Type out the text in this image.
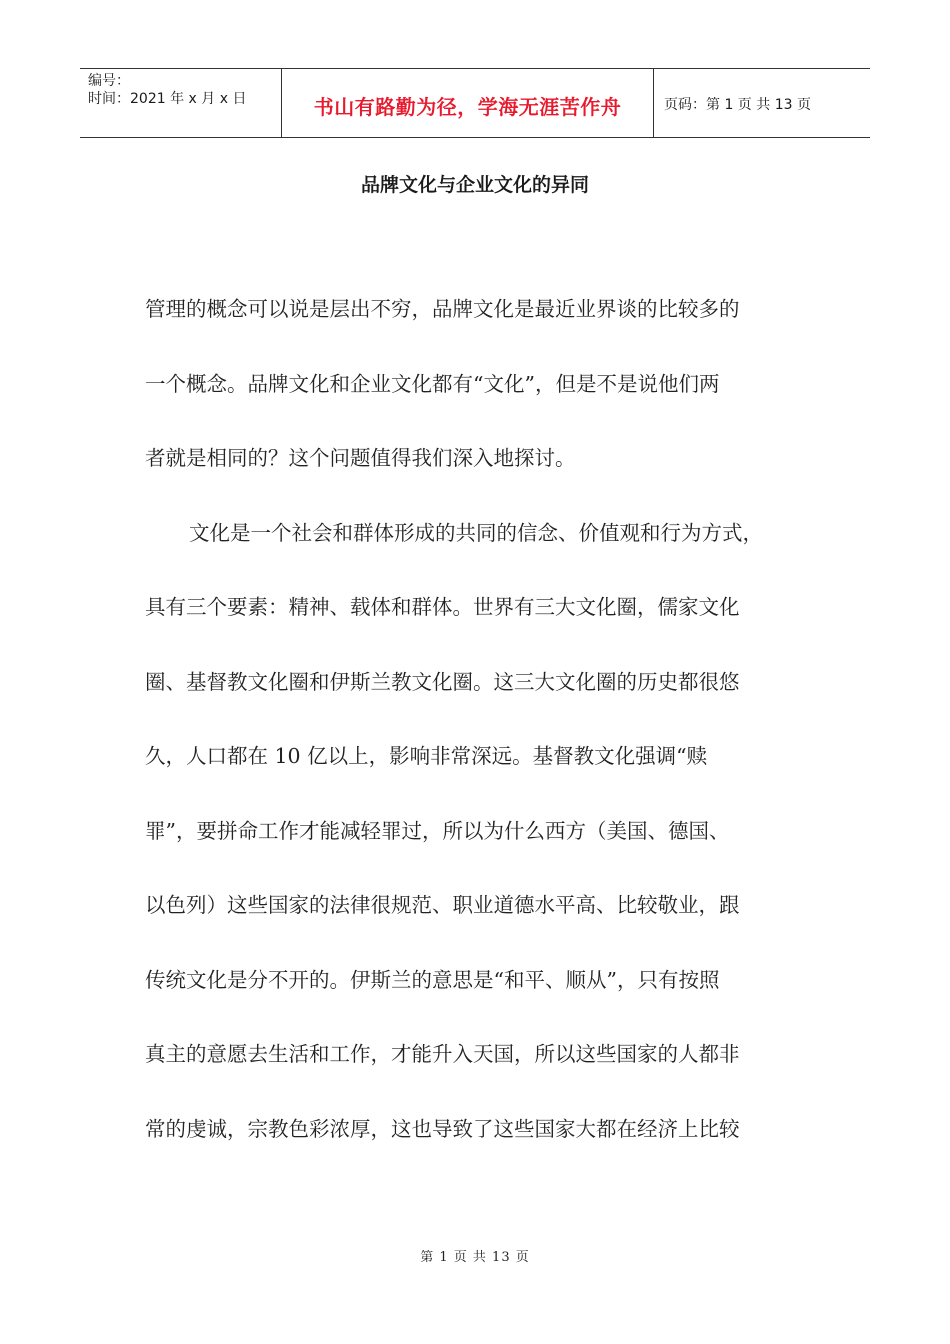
编号：
时间：2021 年 x 月 x 日	书山有路勤为径，学海无涯苦作舟	页码：第 1 页 共 13 页
品牌文化与企业文化的异同
管理的概念可以说是层出不穷，品牌文化是最近业界谈的比较多的
一个概念。品牌文化和企业文化都有“文化”，但是不是说他们两
者就是相同的？这个问题值得我们深入地探讨。
文化是一个社会和群体形成的共同的信念、价值观和行为方式，
具有三个要素：精神、载体和群体。世界有三大文化圈，儒家文化
圈、基督教文化圈和伊斯兰教文化圈。这三大文化圈的历史都很悠
久，人口都在 10 亿以上，影响非常深远。基督教文化强调“赎
罪”，要拼命工作才能减轻罪过，所以为什么西方（美国、德国、
以色列）这些国家的法律很规范、职业道德水平高、比较敬业，跟
传统文化是分不开的。伊斯兰的意思是“和平、顺从”，只有按照
真主的意愿去生活和工作，才能升入天国，所以这些国家的人都非
常的虔诚，宗教色彩浓厚，这也导致了这些国家大都在经济上比较
第 1 页 共 13 页
